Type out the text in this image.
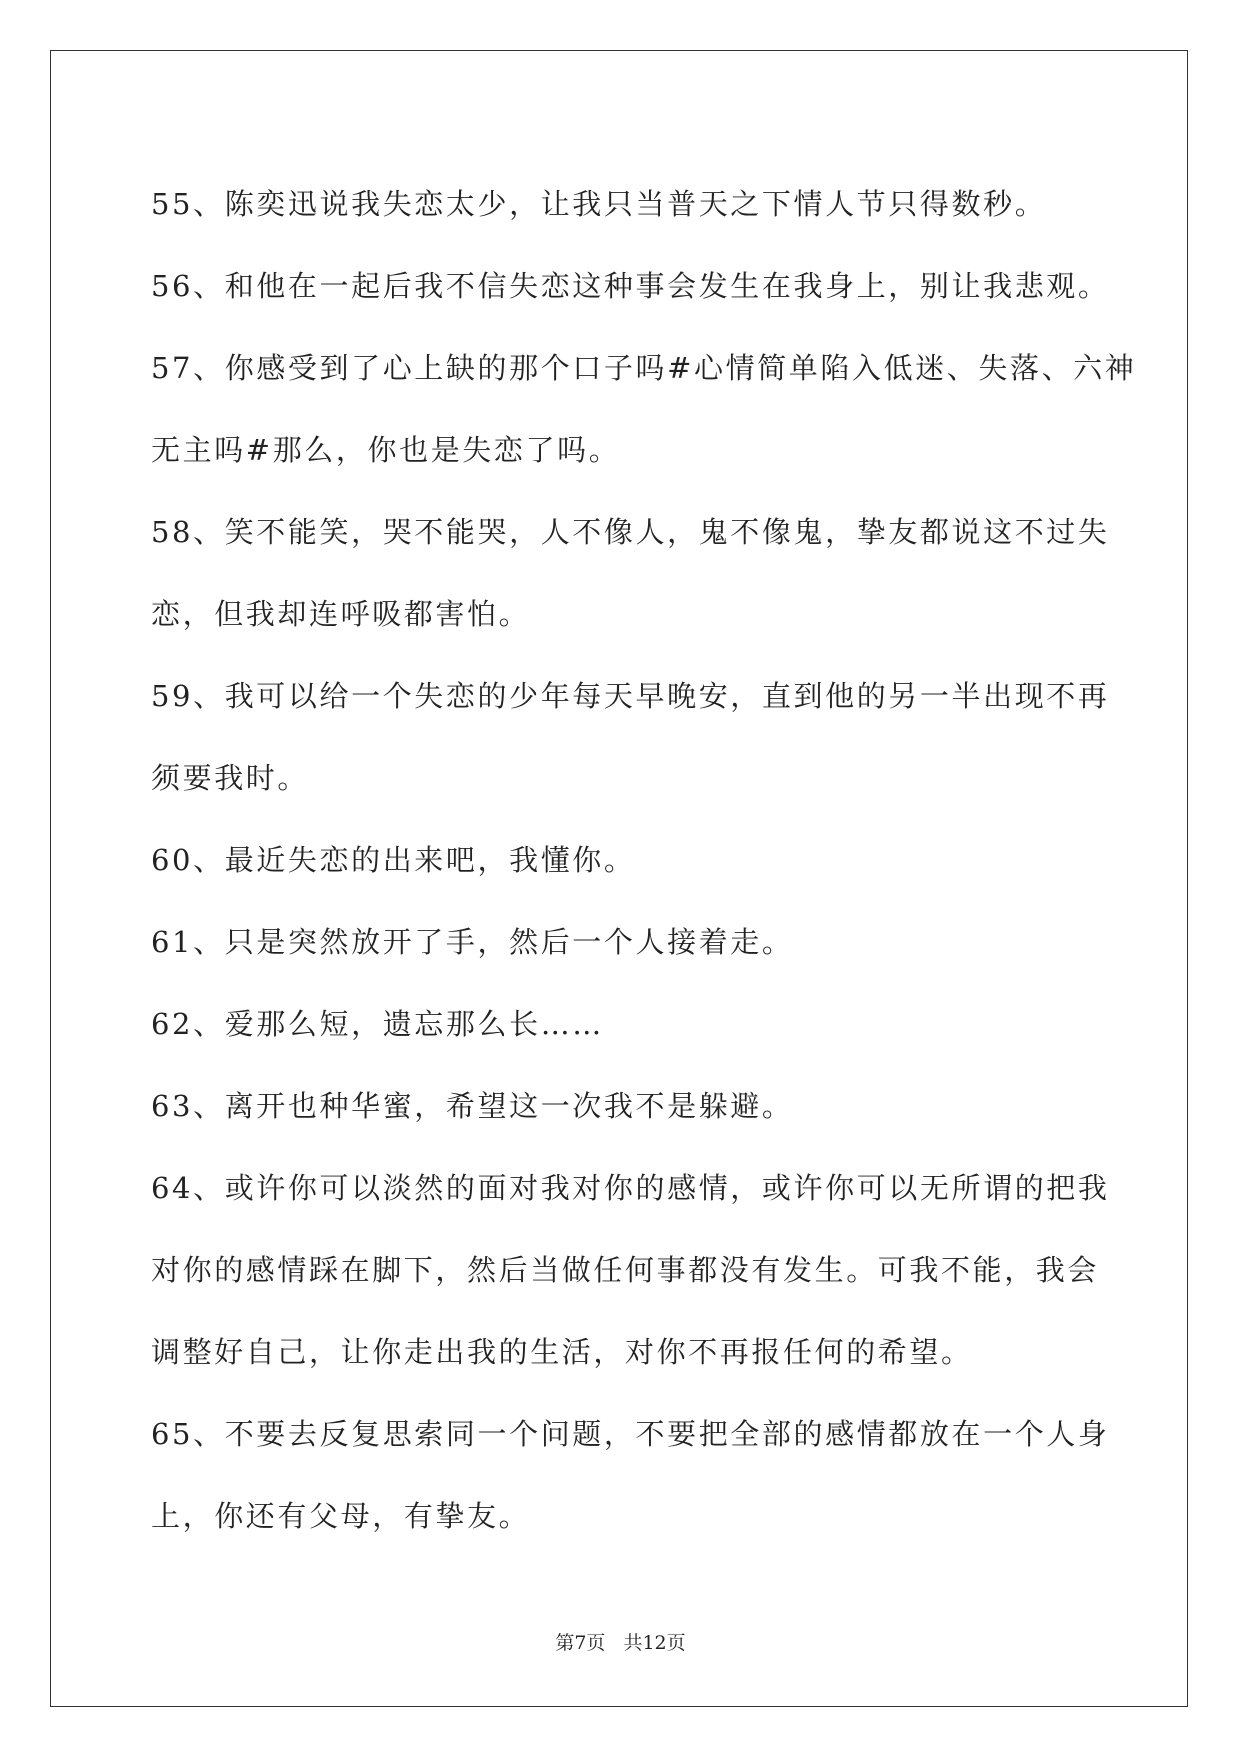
55、陈奕迅说我失恋太少，让我只当普天之下情人节只得数秒。

56、和他在一起后我不信失恋这种事会发生在我身上，别让我悲观。

57、你感受到了心上缺的那个口子吗#心情简单陷入低迷、失落、六神
无主吗#那么，你也是失恋了吗。

58、笑不能笑，哭不能哭，人不像人，鬼不像鬼，挚友都说这不过失
恋，但我却连呼吸都害怕。

59、我可以给一个失恋的少年每天早晚安，直到他的另一半出现不再
须要我时。

60、最近失恋的出来吧，我懂你。

61、只是突然放开了手，然后一个人接着走。

62、爱那么短，遗忘那么长……

63、离开也种华蜜，希望这一次我不是躲避。

64、或许你可以淡然的面对我对你的感情，或许你可以无所谓的把我
对你的感情踩在脚下，然后当做任何事都没有发生。可我不能，我会
调整好自己，让你走出我的生活，对你不再报任何的希望。

65、不要去反复思索同一个问题，不要把全部的感情都放在一个人身
上，你还有父母，有挚友。

第7页 共12页
